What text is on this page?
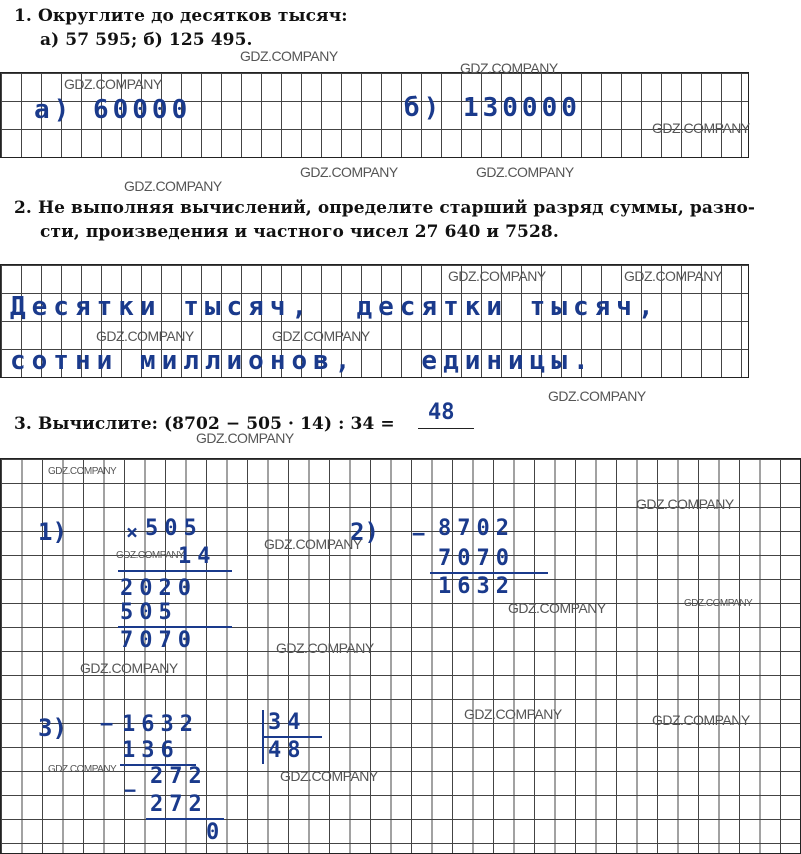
1. Округлите до десятков тысяч:
а) 57 595; б) 125 495.
а) 60000	б) 130000
2. Не выполняя вычислений, определите старший разряд суммы, разно-
сти, произведения и частного чисел 27 640 и 7528.
Десятки тысяч,  десятки тысяч,
сотни миллионов,   единицы.
3. Вычислите: (8702 − 505 · 14) : 34 = 48
1)	× 505
14
2020
505
7070
2) − 8702
7070
1632
3) − 1632	34
48
136
−
272
272
0
GDZ.COMPANY
GDZ.COMPANY
GDZ.COMPANY
GDZ.COMPANY
GDZ.COMPANY
GDZ.COMPANY	GDZ.COMPANY
GDZ.COMPANY	GDZ.COMPANY
GDZ.COMPANY	GDZ.COMPANY
GDZ.COMPANY
GDZ.COMPANY
GDZ.COMPANY
GDZ.COMPANY
GDZ.COMPANY
GDZ.COMPANY
GDZ.COMPANY	GDZ.COMPANY
GDZ.COMPANY
GDZ.COMPANY
GDZ.COMPANY	GDZ.COMPANY
GDZ.COMPANY	GDZ.COMPANY
